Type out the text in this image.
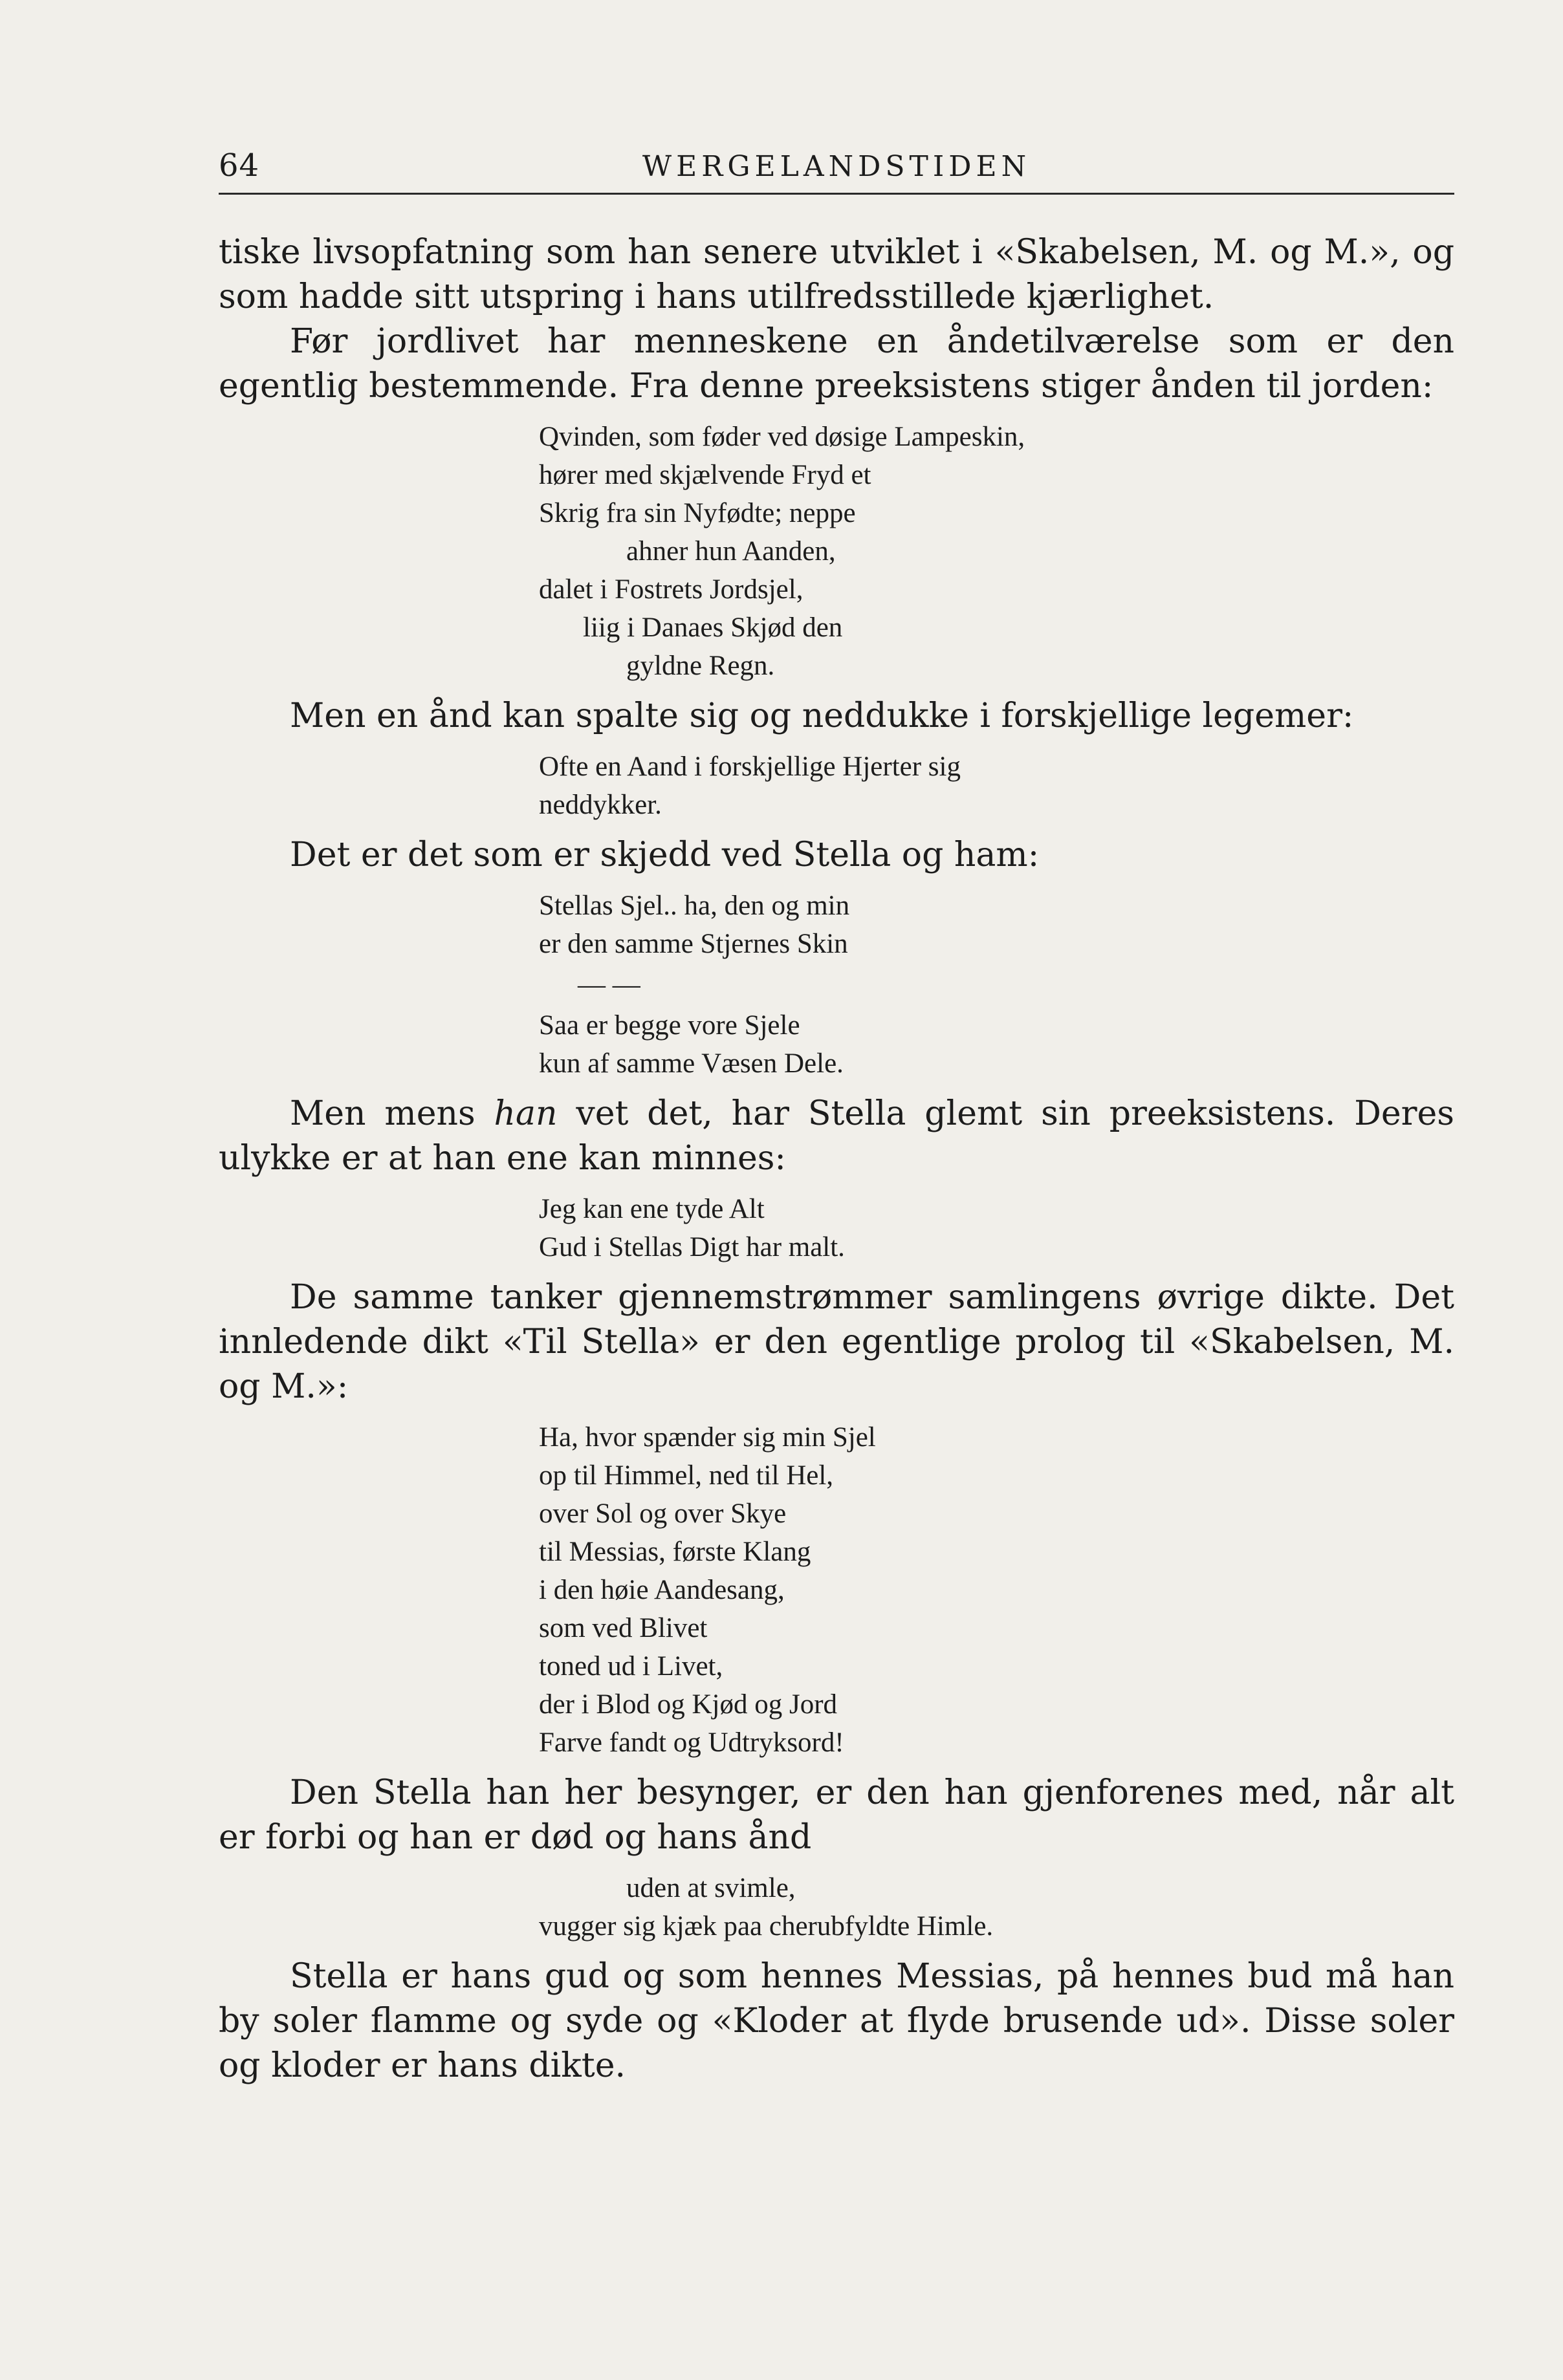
64	WERGELANDSTIDEN

tiske livsopfatning som han senere utviklet i «Skabelsen, M. og M.», og

som hadde sitt utspring i hans utilfredsstillede kjærlighet.

Før jordlivet har menneskene en åndetilværelse som er den egentlig bestemmende. Fra denne preeksistens stiger ånden til jorden:

Qvinden, som føder ved døsige Lampeskin,
hører med skjælvende Fryd et
Skrig fra sin Nyfødte; neppe
ahner hun Aanden,
dalet i Fostrets Jordsjel,
liig i Danaes Skjød den
gyldne Regn.

Men en ånd kan spalte sig og neddukke i forskjellige legemer:

Ofte en Aand i forskjellige Hjerter sig
neddykker.

Det er det som er skjedd ved Stella og ham:

Stellas Sjel.. ha, den og min
er den samme Stjernes Skin
— —
Saa er begge vore Sjele
kun af samme Væsen Dele.

Men mens han vet det, har Stella glemt sin preeksistens. Deres ulykke er at han ene kan minnes:

Jeg kan ene tyde Alt
Gud i Stellas Digt har malt.

De samme tanker gjennemstrømmer samlingens øvrige dikte. Det innledende dikt «Til Stella» er den egentlige prolog til «Skabelsen, M. og M.»:

Ha, hvor spænder sig min Sjel
op til Himmel, ned til Hel,
over Sol og over Skye
til Messias, første Klang
i den høie Aandesang,
som ved Blivet
toned ud i Livet,
der i Blod og Kjød og Jord
Farve fandt og Udtryksord!

Den Stella han her besynger, er den han gjenforenes med, når alt er forbi og han er død og hans ånd

uden at svimle,
vugger sig kjæk paa cherubfyldte Himle.

Stella er hans gud og som hennes Messias, på hennes bud må han by soler flamme og syde og «Kloder at flyde brusende ud». Disse soler og kloder er hans dikte.
